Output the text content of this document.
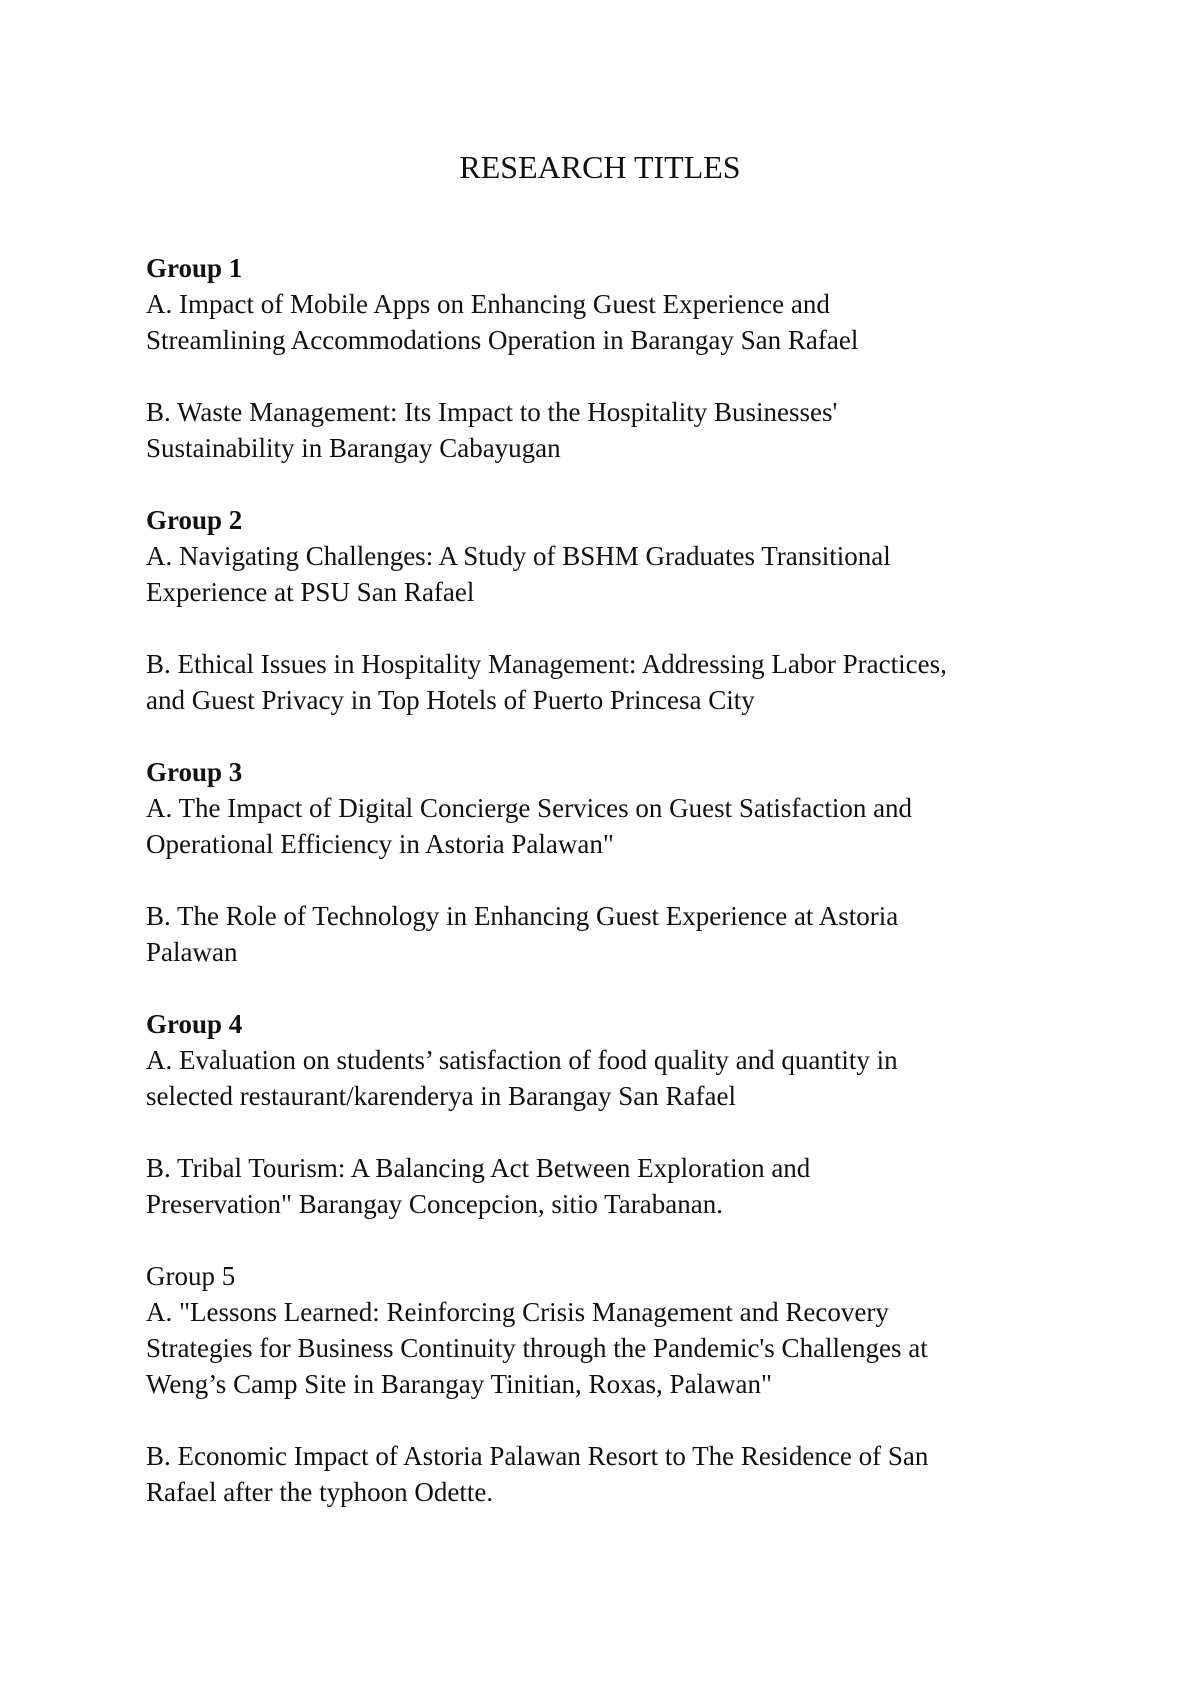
RESEARCH TITLES

Group 1

A. Impact of Mobile Apps on Enhancing Guest Experience and
Streamlining Accommodations Operation in Barangay San Rafael

B. Waste Management: Its Impact to the Hospitality Businesses'
Sustainability in Barangay Cabayugan

Group 2

A. Navigating Challenges: A Study of BSHM Graduates Transitional
Experience at PSU San Rafael

B. Ethical Issues in Hospitality Management: Addressing Labor Practices,
and Guest Privacy in Top Hotels of Puerto Princesa City

Group 3

A. The Impact of Digital Concierge Services on Guest Satisfaction and
Operational Efficiency in Astoria Palawan"

B. The Role of Technology in Enhancing Guest Experience at Astoria
Palawan

Group 4

A. Evaluation on students’ satisfaction of food quality and quantity in
selected restaurant/karenderya in Barangay San Rafael

B. Tribal Tourism: A Balancing Act Between Exploration and
Preservation" Barangay Concepcion, sitio Tarabanan.

Group 5

A. "Lessons Learned: Reinforcing Crisis Management and Recovery
Strategies for Business Continuity through the Pandemic's Challenges at
Weng’s Camp Site in Barangay Tinitian, Roxas, Palawan"

B. Economic Impact of Astoria Palawan Resort to The Residence of San
Rafael after the typhoon Odette.
